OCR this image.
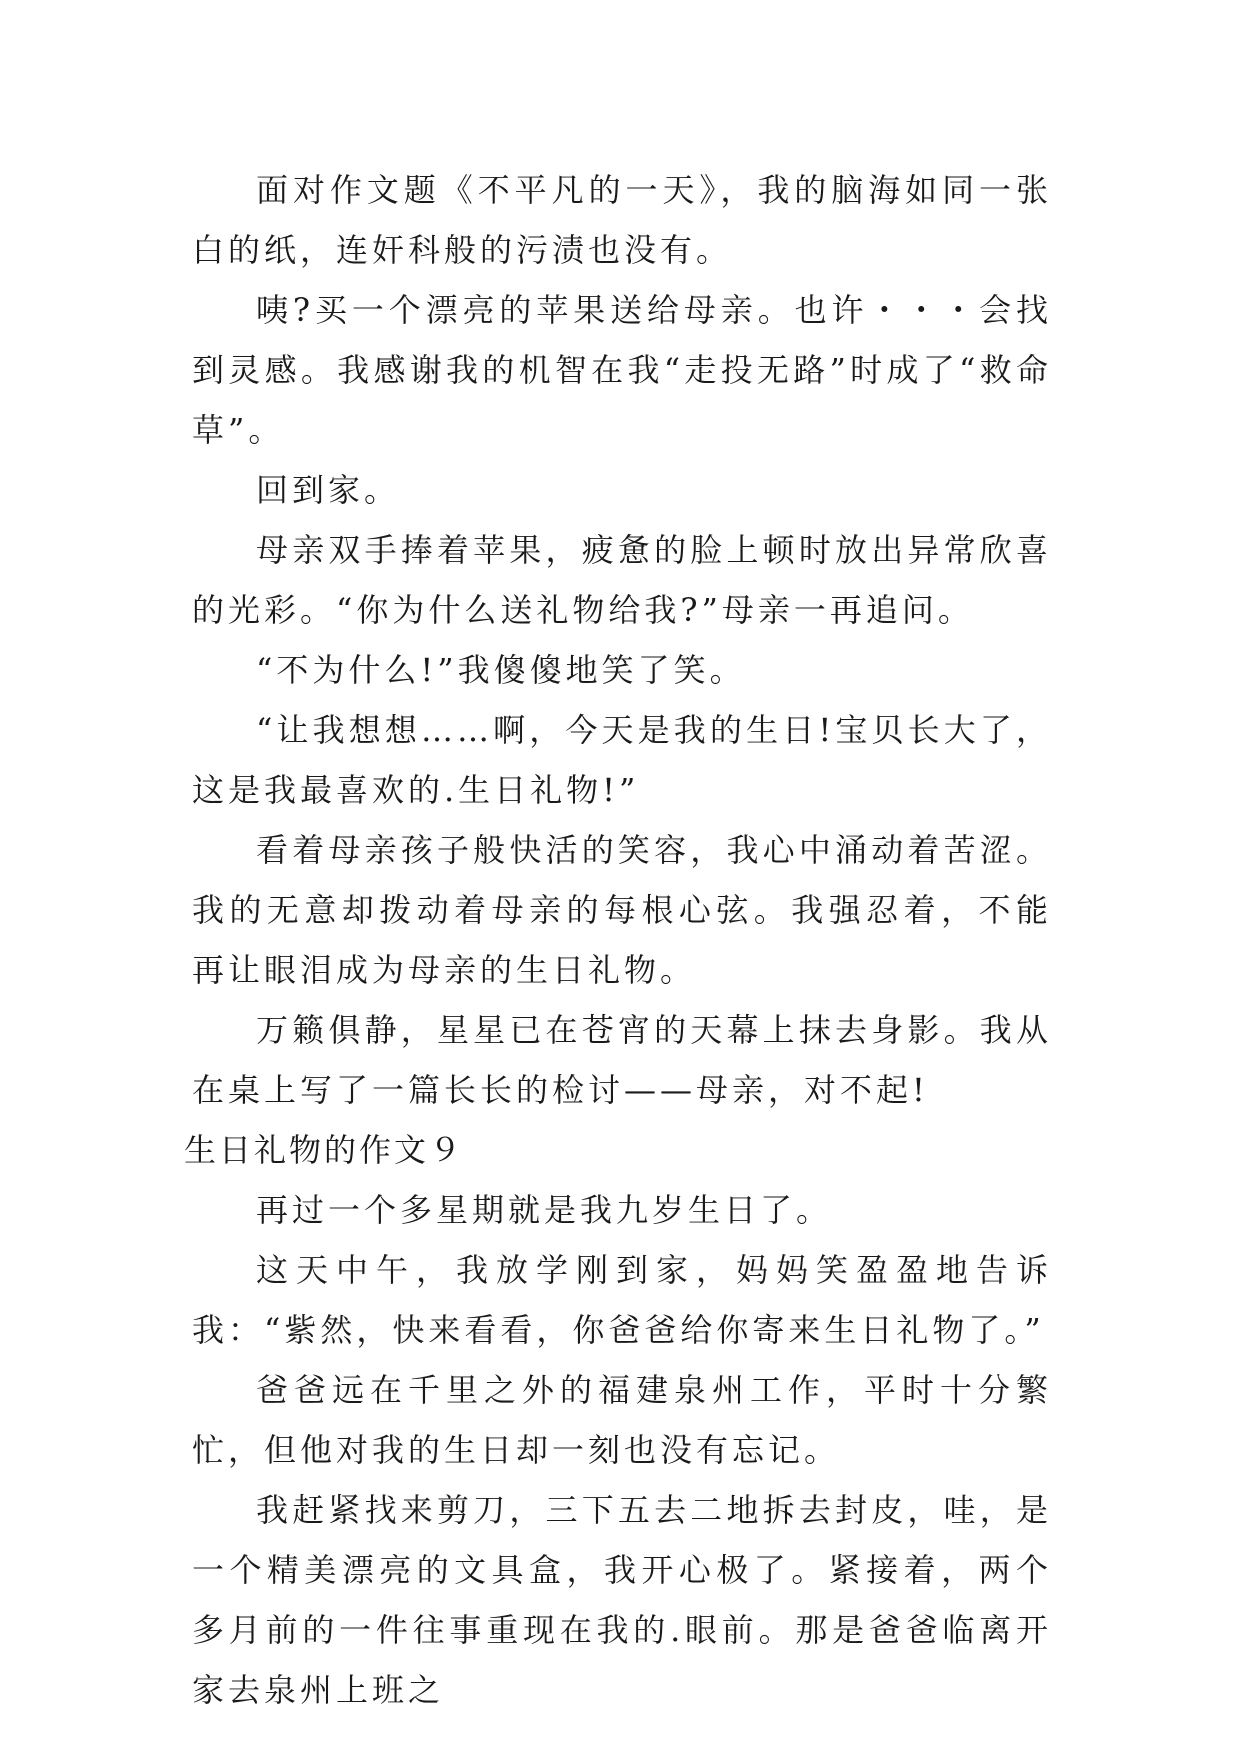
面对作文题《不平凡的一天》，我的脑海如同一张白的纸，连奸科般的污渍也没有。

咦?买一个漂亮的苹果送给母亲。也许・・・会找到灵感。我感谢我的机智在我“走投无路”时成了“救命草”。

回到家。

母亲双手捧着苹果，疲惫的脸上顿时放出异常欣喜的光彩。“你为什么送礼物给我?”母亲一再追问。

“不为什么!”我傻傻地笑了笑。

“让我想想……啊，今天是我的生日!宝贝长大了，这是我最喜欢的.生日礼物!”

看着母亲孩子般快活的笑容，我心中涌动着苦涩。我的无意却拨动着母亲的每根心弦。我强忍着，不能再让眼泪成为母亲的生日礼物。

万籁俱静，星星已在苍宵的天幕上抹去身影。我从在桌上写了一篇长长的检讨——母亲，对不起!

生日礼物的作文９

再过一个多星期就是我九岁生日了。

这天中午，我放学刚到家，妈妈笑盈盈地告诉我：“紫然，快来看看，你爸爸给你寄来生日礼物了。”

爸爸远在千里之外的福建泉州工作，平时十分繁忙，但他对我的生日却一刻也没有忘记。

我赶紧找来剪刀，三下五去二地拆去封皮，哇，是一个精美漂亮的文具盒，我开心极了。紧接着，两个多月前的一件往事重现在我的.眼前。那是爸爸临离开家去泉州上班之
